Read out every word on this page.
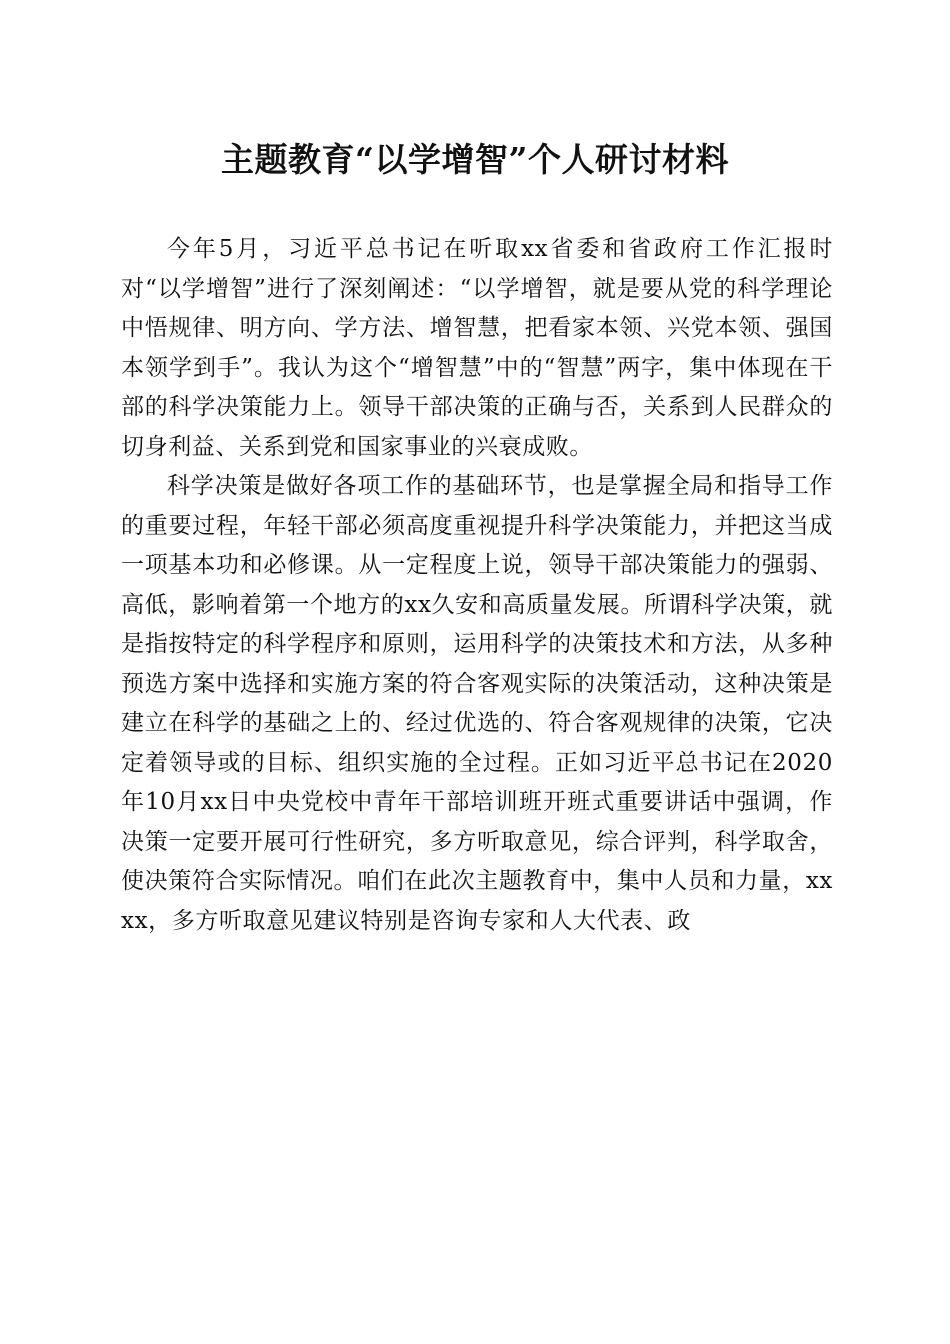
主题教育“以学增智”个人研讨材料

今年5月，习近平总书记在听取xx省委和省政府工作汇报时对“以学增智”进行了深刻阐述：“以学增智，就是要从党的科学理论中悟规律、明方向、学方法、增智慧，把看家本领、兴党本领、强国本领学到手”。我认为这个“增智慧”中的“智慧”两字，集中体现在干部的科学决策能力上。领导干部决策的正确与否，关系到人民群众的切身利益、关系到党和国家事业的兴衰成败。

科学决策是做好各项工作的基础环节，也是掌握全局和指导工作的重要过程，年轻干部必须高度重视提升科学决策能力，并把这当成一项基本功和必修课。从一定程度上说，领导干部决策能力的强弱、高低，影响着第一个地方的xx久安和高质量发展。所谓科学决策，就是指按特定的科学程序和原则，运用科学的决策技术和方法，从多种预选方案中选择和实施方案的符合客观实际的决策活动，这种决策是建立在科学的基础之上的、经过优选的、符合客观规律的决策，它决定着领导或的目标、组织实施的全过程。正如习近平总书记在2020年10月xx日中央党校中青年干部培训班开班式重要讲话中强调，作决策一定要开展可行性研究，多方听取意见，综合评判，科学取舍，使决策符合实际情况。咱们在此次主题教育中，集中人员和力量，xxxx，多方听取意见建议特别是咨询专家和人大代表、政
